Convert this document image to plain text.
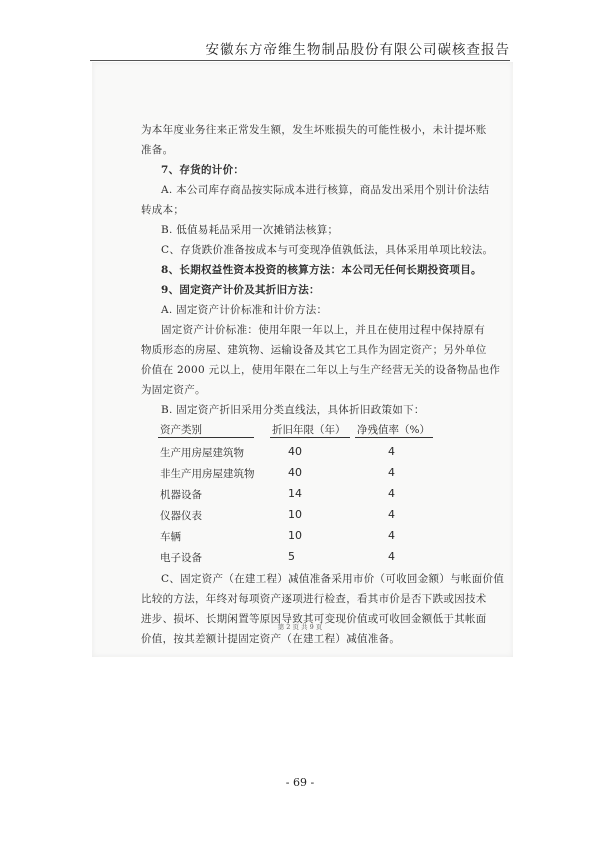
安徽东方帝维生物制品股份有限公司碳核查报告
为本年度业务往来正常发生额，发生坏账损失的可能性极小，未计提坏账
准备。
7、存货的计价：
A. 本公司库存商品按实际成本进行核算，商品发出采用个别计价法结
转成本；
B. 低值易耗品采用一次摊销法核算；
C、存货跌价准备按成本与可变现净值孰低法，具体采用单项比较法。
8、长期权益性资本投资的核算方法：本公司无任何长期投资项目。
9、固定资产计价及其折旧方法：
A. 固定资产计价标准和计价方法：
固定资产计价标准：使用年限一年以上，并且在使用过程中保持原有
物质形态的房屋、建筑物、运输设备及其它工具作为固定资产；另外单位
价值在 2000 元以上，使用年限在二年以上与生产经营无关的设备物品也作
为固定资产。
B. 固定资产折旧采用分类直线法，具体折旧政策如下：
资产类别	折旧年限（年） 净残值率（%）
生产用房屋建筑物	40	4
非生产用房屋建筑物	40	4
机器设备	14	4
仪器仪表	10	4
车辆	10	4
电子设备	5	4
C、固定资产（在建工程）减值准备采用市价（可收回金额）与帐面价值
比较的方法，年终对每项资产逐项进行检查，看其市价是否下跌或因技术
进步、损坏、长期闲置等原因导致其可变现价值或可收回金额低于其帐面
价值，按其差额计提固定资产（在建工程）减值准备。
第 2 页 共 9 页
- 69 -
